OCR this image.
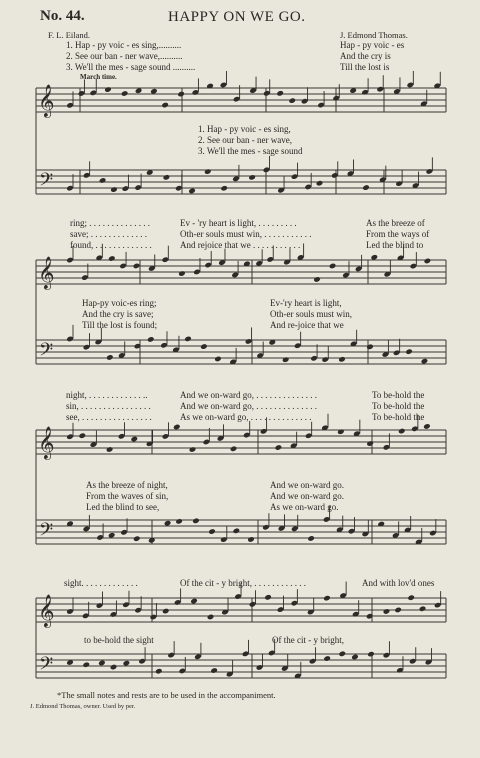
No. 44.	HAPPY ON WE GO.
F. L. Eiland.	J. Edmond Thomas.
1. Hap - py voic - es sing,..........
2. See our ban - ner wave,..........
3. We'll the mes - sage sound ..........
Hap - py voic - es
And the cry is
Till the lost is
March time.
1. Hap - py voic - es sing,
2. See our ban - ner wave,
3. We'll the mes - sage sound
ring; . . . . . . . . . . . . . .
save; . . . . . . . . . . . . .
found, . . . . . . . . . . . . .
Ev - 'ry heart is light, . . . . . . . . .
Oth-er souls must win, . . . . . . . . . . .
And rejoice that we . . . . . . . . . . .
As the breeze of
From the ways of
Led the blind to
Hap-py voic-es ring;
And the cry is save;
Till the lost is found;
Ev-'ry heart is light,
Oth-er souls must win,
And re-joice that we
night, . . . . . . . . . . . . ..
sin, . . . . . . . . . . . . . . . .
see, . . . . . . . . . . . . . . . .
And we on-ward go, . . . . . . . . . . . . . .
And we on-ward go, . . . . . . . . . . . . . .
As we on-ward go, . . . . . . . . . . . . . .
To be-hold the
To be-hold the
To be-hold the
As the breeze of night,
From the waves of sin,
Led the blind to see,
And we on-ward go.
And we on-ward go.
As we on-ward go.
sight. . . . . . . . . . . . .	Of the cit - y bright, . . . . . . . . . . . .	And with lov'd ones
to be-hold the sight	Of the cit - y bright,
*The small notes and rests are to be used in the accompaniment.
J. Edmond Thomas, owner. Used by per.
𝄞
𝄢
𝄞
𝄢
𝄞
𝄢
𝄞
𝄢
